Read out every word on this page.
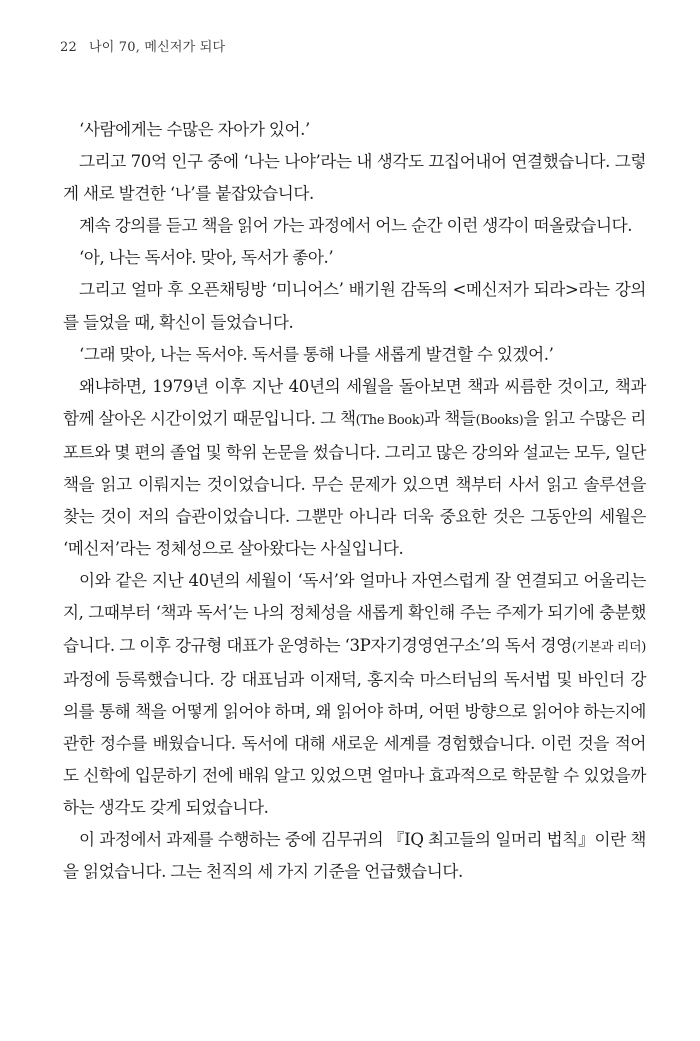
22 나이 70, 메신저가 되다

‘사람에게는 수많은 자아가 있어.’

그리고 70억 인구 중에 ‘나는 나야’라는 내 생각도 끄집어내어 연결했습니다. 그렇게 새로 발견한 ‘나’를 붙잡았습니다.

계속 강의를 듣고 책을 읽어 가는 과정에서 어느 순간 이런 생각이 떠올랐습니다.

‘아, 나는 독서야. 맞아, 독서가 좋아.’

그리고 얼마 후 오픈채팅방 ‘미니어스’ 배기원 감독의 <메신저가 되라>라는 강의를 들었을 때, 확신이 들었습니다.

‘그래 맞아, 나는 독서야. 독서를 통해 나를 새롭게 발견할 수 있겠어.’

왜냐하면, 1979년 이후 지난 40년의 세월을 돌아보면 책과 씨름한 것이고, 책과 함께 살아온 시간이었기 때문입니다. 그 책(The Book)과 책들(Books)을 읽고 수많은 리포트와 몇 편의 졸업 및 학위 논문을 썼습니다. 그리고 많은 강의와 설교는 모두, 일단 책을 읽고 이뤄지는 것이었습니다. 무슨 문제가 있으면 책부터 사서 읽고 솔루션을 찾는 것이 저의 습관이었습니다. 그뿐만 아니라 더욱 중요한 것은 그동안의 세월은 ‘메신저’라는 정체성으로 살아왔다는 사실입니다.

이와 같은 지난 40년의 세월이 ‘독서’와 얼마나 자연스럽게 잘 연결되고 어울리는지, 그때부터 ‘책과 독서’는 나의 정체성을 새롭게 확인해 주는 주제가 되기에 충분했습니다. 그 이후 강규형 대표가 운영하는 ‘3P자기경영연구소’의 독서 경영(기본과 리더) 과정에 등록했습니다. 강 대표님과 이재덕, 홍지숙 마스터님의 독서법 및 바인더 강의를 통해 책을 어떻게 읽어야 하며, 왜 읽어야 하며, 어떤 방향으로 읽어야 하는지에 관한 정수를 배웠습니다. 독서에 대해 새로운 세계를 경험했습니다. 이런 것을 적어도 신학에 입문하기 전에 배워 알고 있었으면 얼마나 효과적으로 학문할 수 있었을까 하는 생각도 갖게 되었습니다.

이 과정에서 과제를 수행하는 중에 김무귀의 『IQ 최고들의 일머리 법칙』이란 책을 읽었습니다. 그는 천직의 세 가지 기준을 언급했습니다.
